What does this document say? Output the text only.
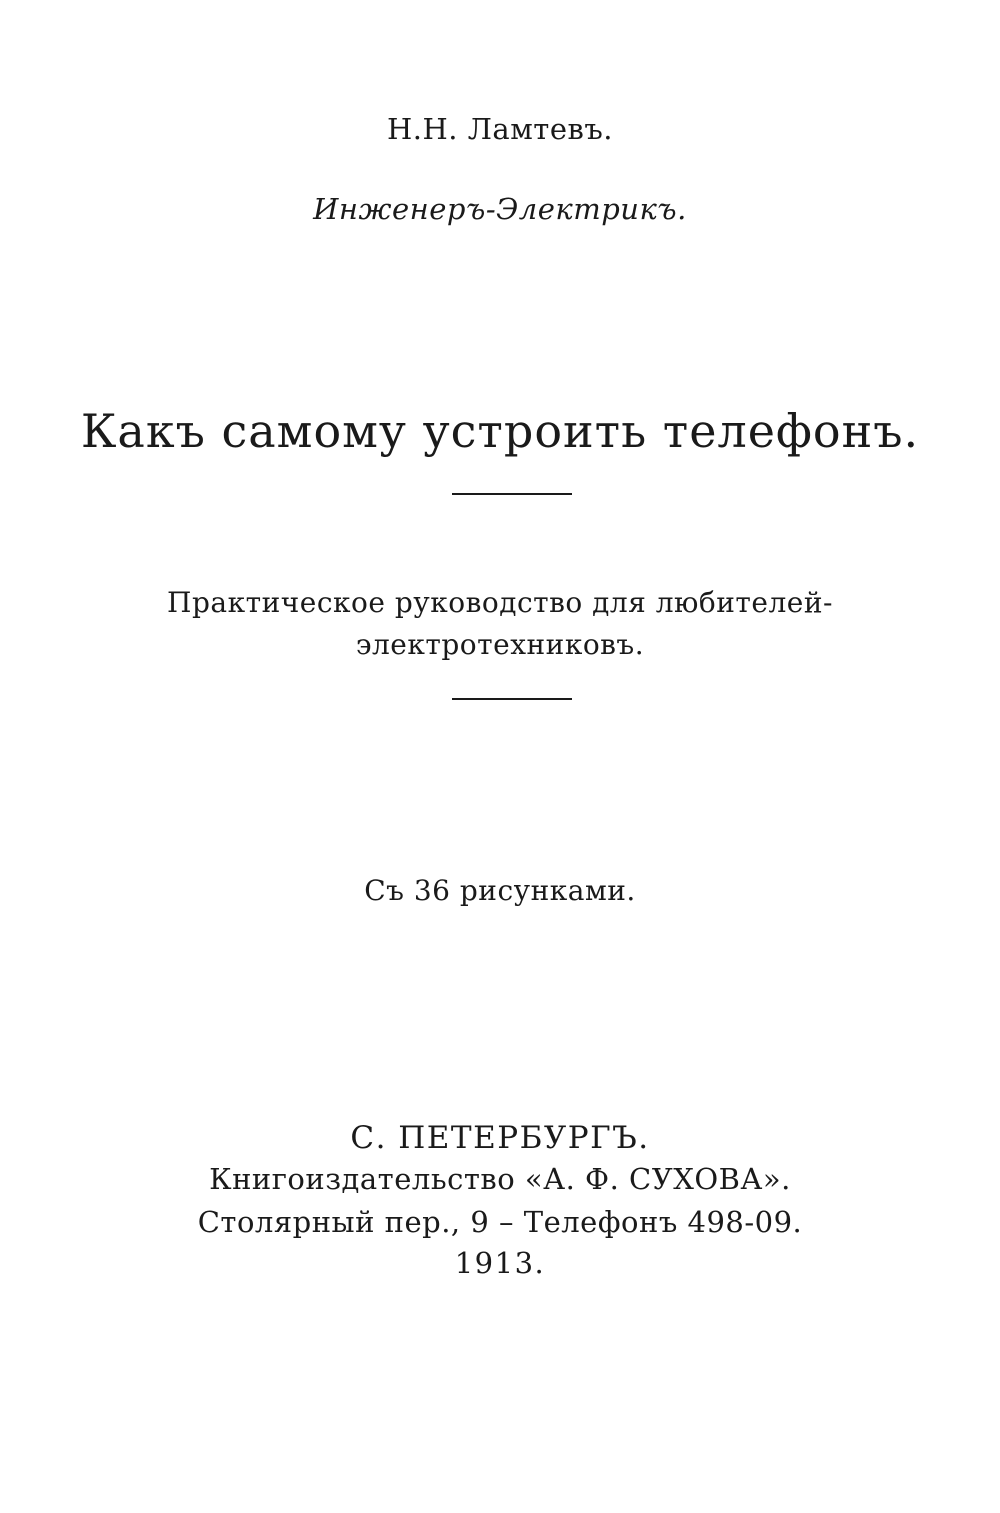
Н.Н. Ламтевъ.
Инженеръ-Электрикъ.
Какъ самому устроить телефонъ.
Практическое руководство для любителей-
электротехниковъ.
Съ 36 рисунками.
С. ПЕТЕРБУРГЪ.
Книгоиздательство «А. Ф. СУХОВА».
Столярный пер., 9 – Телефонъ 498-09.
1913.
